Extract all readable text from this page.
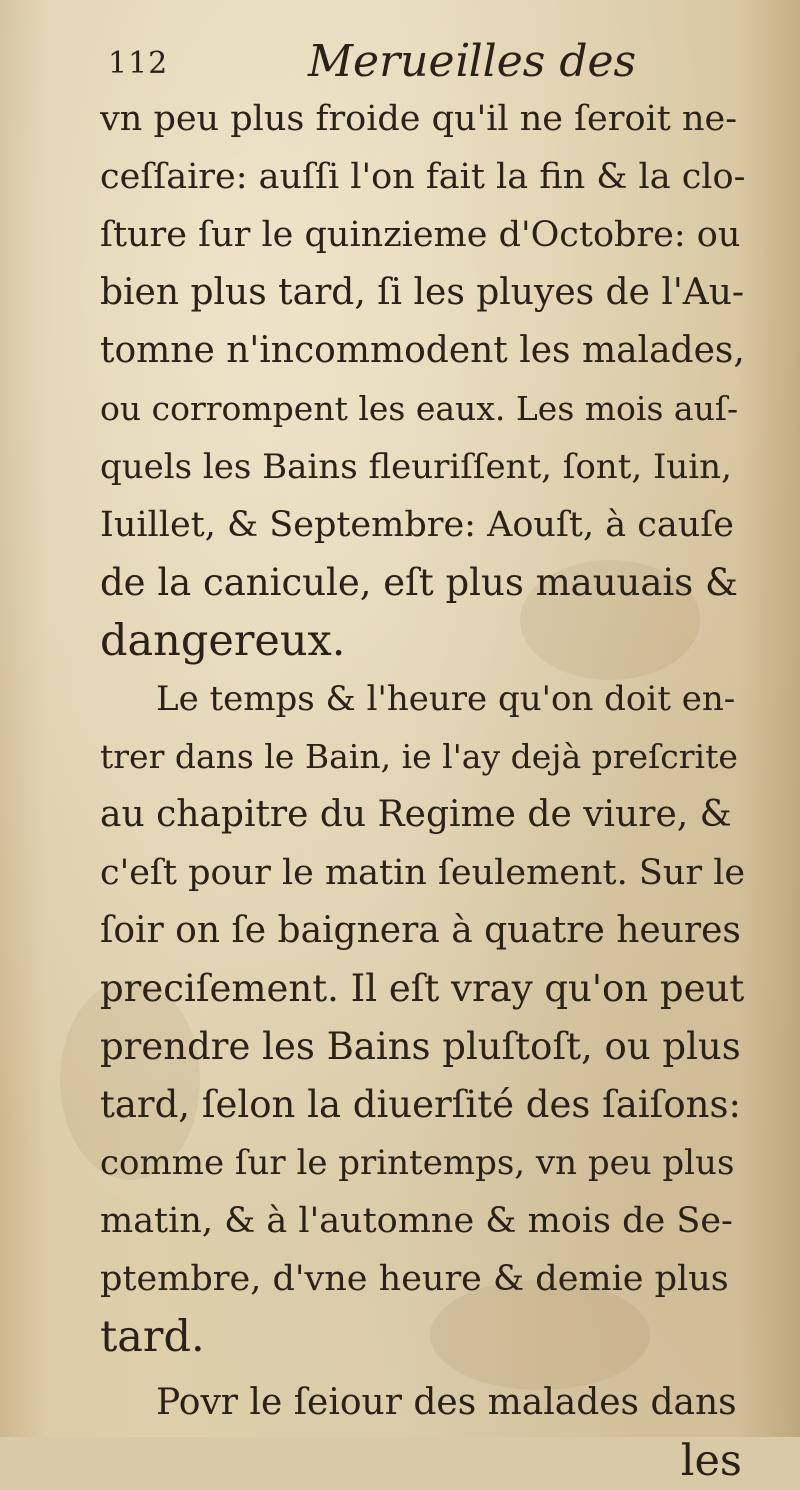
112	Meruei̇lles des
vn peu plus froide qu'il ne ſeroit ne-
ceſſaire: auſſi l'on fait la fin & la clo-
ſture ſur le quinzieme d'Octobre: ou
bien plus tard, ſi les pluyes de l'Au-
tomne n'incommodent les malades,
ou corrompent les eaux. Les mois auſ-
quels les Bains fleuriſſent, ſont, Iuin,
Iuillet, & Septembre: Aouſt, à cauſe
de la canicule, eſt plus mauuais &
dangereux.
Le temps & l'heure qu'on doit en-
trer dans le Bain, ie l'ay dejà preſcrite
au chapitre du Regime de viure, &
c'eſt pour le matin ſeulement. Sur le
ſoir on ſe baignera à quatre heures
preciſement. Il eſt vray qu'on peut
prendre les Bains pluſtoſt, ou plus
tard, ſelon la diuerſité des ſaiſons:
comme ſur le printemps, vn peu plus
matin, & à l'automne & mois de Se-
ptembre, d'vne heure & demie plus
tard.
Povr le ſeiour des malades dans
les
